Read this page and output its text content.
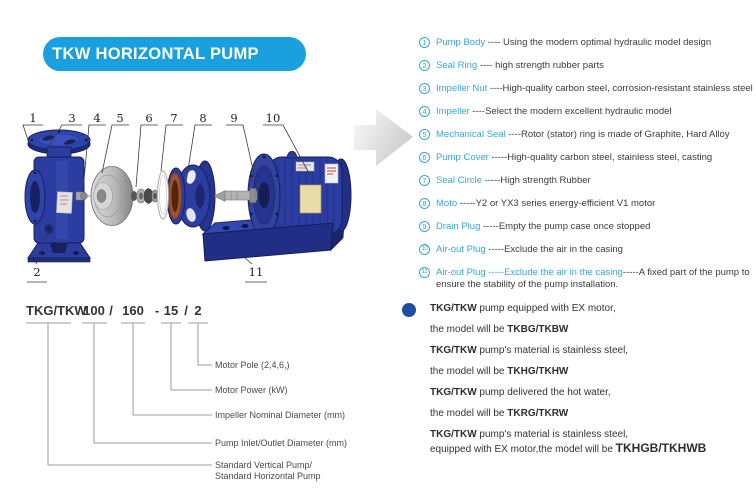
TKW HORIZONTAL PUMP
1	3 4 5 6 7 8 9 10
2	11
1 Pump Body ---- Using the modern optimal hydraulic model design
2 Seal Ring ---- high strength rubber parts
3 Impeller Nut ----High-quality carbon steel, corrosion-resistant stainless steel
4 Impeller ----Select the modern excellent hydraulic model
5 Mechanical Seal ----Rotor (stator) ring is made of Graphite, Hard Alloy
6 Pump Cover -----High-quality carbon steel, stainless steel, casting
7 Seal Circle -----High strength Rubber
8 Moto -----Y2 or YX3 series energy-efficient V1 motor
9 Drain Plug -----Empty the pump case once stopped
10 Air-out Plug -----Exclude the air in the casing
11 Air-out Plug -----Exclude the air in the casing-----A fixed part of the pump to ensure the stability of the pump installation.
TKG/TKW
100 / 160 - 15 / 2
Motor Pole (2,4,6,)
Motor Power (kW)
Impeller Nominal Diameter (mm)
Pump Inlet/Outlet Diameter (mm)
Standard Vertical Pump/
Standard Horizontal Pump
TKG/TKW pump equipped with EX motor,
the model will be TKBG/TKBW
TKG/TKW pump's material is stainless steel,
the model will be TKHG/TKHW
TKG/TKW pump delivered the hot water,
the model will be TKRG/TKRW
TKG/TKW pump's material is stainless steel,
equipped with EX motor,the model will be TKHGB/TKHWB
